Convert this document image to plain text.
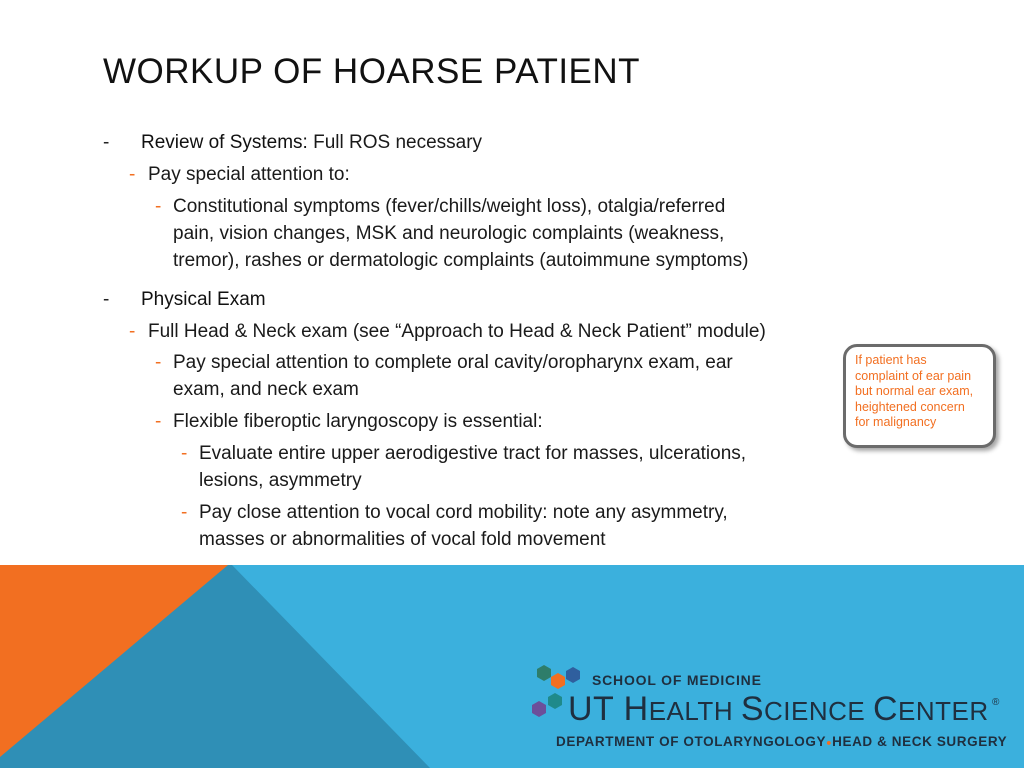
WORKUP OF HOARSE PATIENT
- Review of Systems: Full ROS necessary
- Pay special attention to:
- Constitutional symptoms (fever/chills/weight loss), otalgia/referred
pain, vision changes, MSK and neurologic complaints (weakness,
tremor), rashes or dermatologic complaints (autoimmune symptoms)
- Physical Exam
- Full Head & Neck exam (see “Approach to Head & Neck Patient” module)
- Pay special attention to complete oral cavity/oropharynx exam, ear
exam, and neck exam
- Flexible fiberoptic laryngoscopy is essential:
- Evaluate entire upper aerodigestive tract for masses, ulcerations,
lesions, asymmetry
- Pay close attention to vocal cord mobility: note any asymmetry,
masses or abnormalities of vocal fold movement
If patient has
complaint of ear pain
but normal ear exam,
heightened concern
for malignancy
SCHOOL OF MEDICINE
UT HEALTH SCIENCE CENTER ®
DEPARTMENT OF OTOLARYNGOLOGY●HEAD & NECK SURGERY
